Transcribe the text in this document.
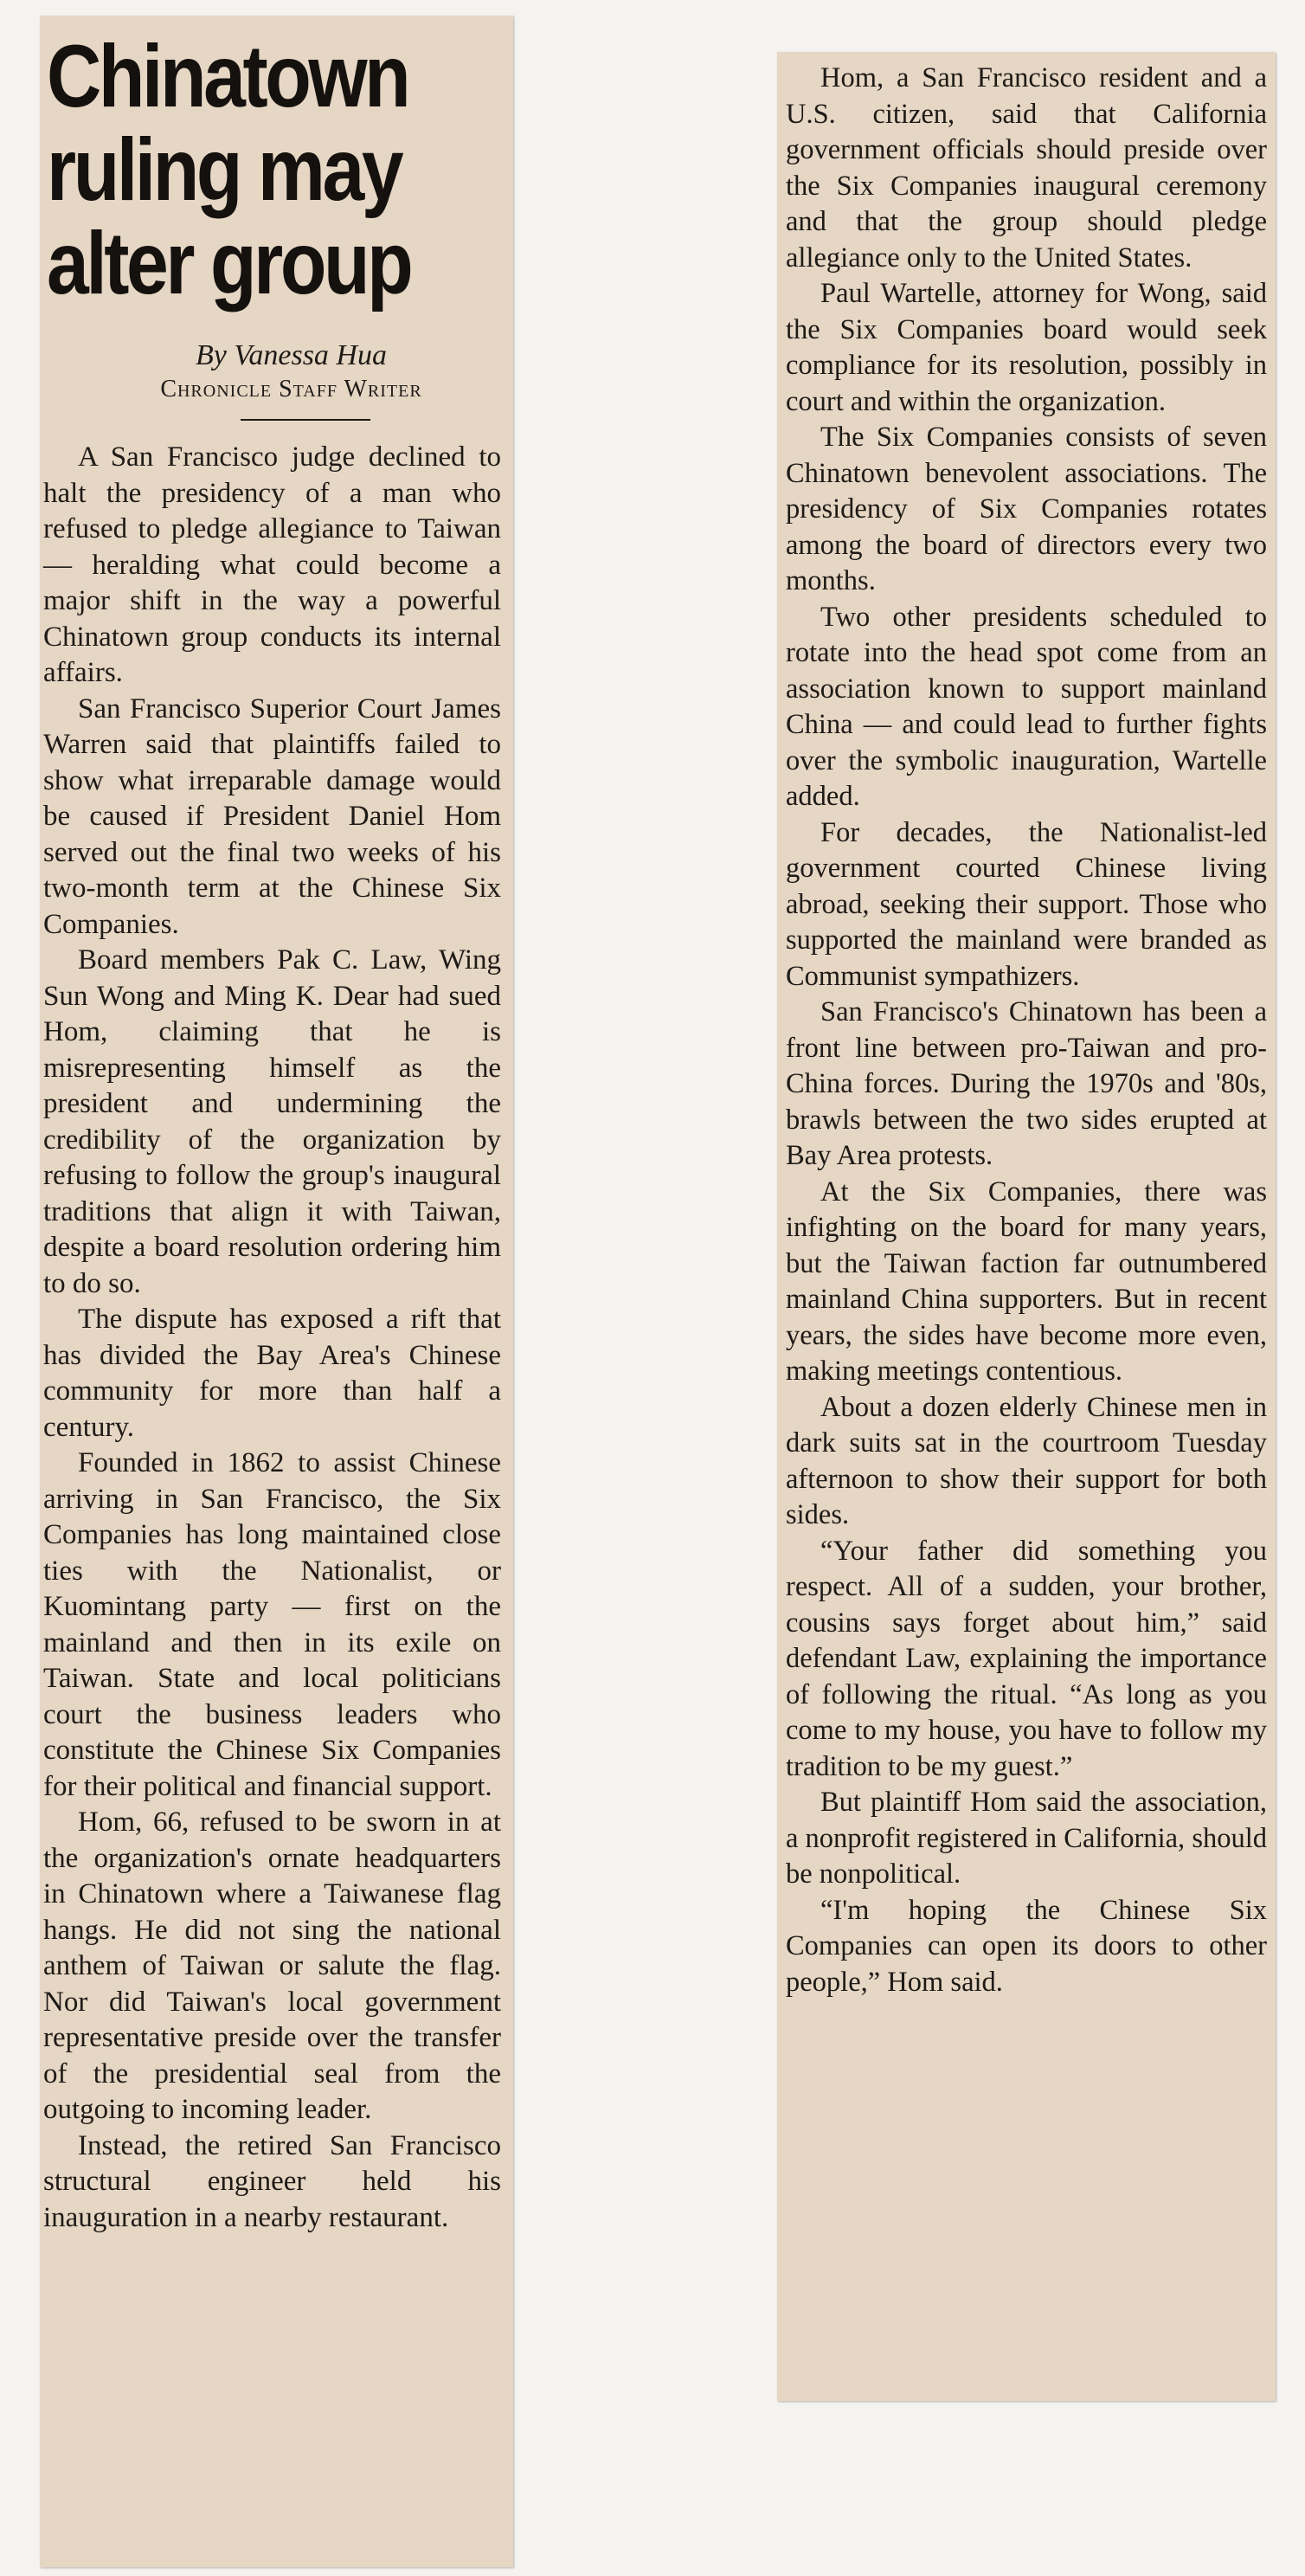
Chinatown
ruling may
alter group
By Vanessa Hua
Chronicle Staff Writer

A San Francisco judge declined to halt the presidency of a man who refused to pledge allegiance to Taiwan — heralding what could become a major shift in the way a powerful Chinatown group conducts its internal affairs.

San Francisco Superior Court James Warren said that plaintiffs failed to show what irreparable damage would be caused if President Daniel Hom served out the final two weeks of his two-month term at the Chinese Six Companies.

Board members Pak C. Law, Wing Sun Wong and Ming K. Dear had sued Hom, claiming that he is misrepresenting himself as the president and undermining the credibility of the organization by refusing to follow the group's inaugural traditions that align it with Taiwan, despite a board resolution ordering him to do so.

The dispute has exposed a rift that has divided the Bay Area's Chinese community for more than half a century.

Founded in 1862 to assist Chinese arriving in San Francisco, the Six Companies has long maintained close ties with the Nationalist, or Kuomintang party — first on the mainland and then in its exile on Taiwan. State and local politicians court the business leaders who constitute the Chinese Six Companies for their political and financial support.

Hom, 66, refused to be sworn in at the organization's ornate headquarters in Chinatown where a Taiwanese flag hangs. He did not sing the national anthem of Taiwan or salute the flag. Nor did Taiwan's local government representative preside over the transfer of the presidential seal from the outgoing to incoming leader.

Instead, the retired San Francisco structural engineer held his inauguration in a nearby restaurant.

Hom, a San Francisco resident and a U.S. citizen, said that California government officials should preside over the Six Companies inaugural ceremony and that the group should pledge allegiance only to the United States.

Paul Wartelle, attorney for Wong, said the Six Companies board would seek compliance for its resolution, possibly in court and within the organization.

The Six Companies consists of seven Chinatown benevolent associations. The presidency of Six Companies rotates among the board of directors every two months.

Two other presidents scheduled to rotate into the head spot come from an association known to support mainland China — and could lead to further fights over the symbolic inauguration, Wartelle added.

For decades, the Nationalist-led government courted Chinese living abroad, seeking their support. Those who supported the mainland were branded as Communist sympathizers.

San Francisco's Chinatown has been a front line between pro-Taiwan and pro-China forces. During the 1970s and '80s, brawls between the two sides erupted at Bay Area protests.

At the Six Companies, there was infighting on the board for many years, but the Taiwan faction far outnumbered mainland China supporters. But in recent years, the sides have become more even, making meetings contentious.

About a dozen elderly Chinese men in dark suits sat in the courtroom Tuesday afternoon to show their support for both sides.

“Your father did something you respect. All of a sudden, your brother, cousins says forget about him,” said defendant Law, explaining the importance of following the ritual. “As long as you come to my house, you have to follow my tradition to be my guest.”

But plaintiff Hom said the association, a nonprofit registered in California, should be nonpolitical.

“I'm hoping the Chinese Six Companies can open its doors to other people,” Hom said.
